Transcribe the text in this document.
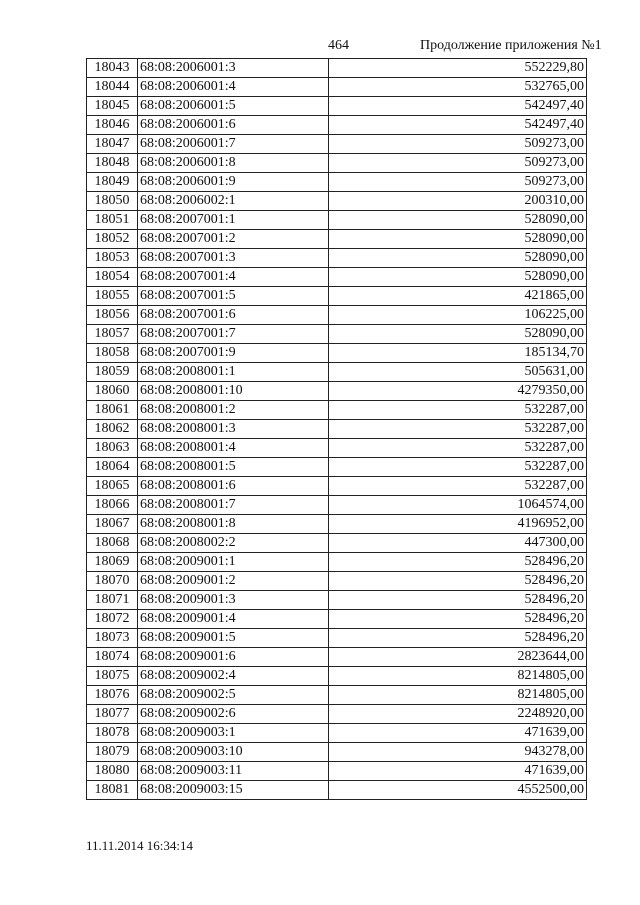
464	Продолжение приложения №1
18043	68:08:2006001:3	552229,80
18044	68:08:2006001:4	532765,00
18045	68:08:2006001:5	542497,40
18046	68:08:2006001:6	542497,40
18047	68:08:2006001:7	509273,00
18048	68:08:2006001:8	509273,00
18049	68:08:2006001:9	509273,00
18050	68:08:2006002:1	200310,00
18051	68:08:2007001:1	528090,00
18052	68:08:2007001:2	528090,00
18053	68:08:2007001:3	528090,00
18054	68:08:2007001:4	528090,00
18055	68:08:2007001:5	421865,00
18056	68:08:2007001:6	106225,00
18057	68:08:2007001:7	528090,00
18058	68:08:2007001:9	185134,70
18059	68:08:2008001:1	505631,00
18060	68:08:2008001:10	4279350,00
18061	68:08:2008001:2	532287,00
18062	68:08:2008001:3	532287,00
18063	68:08:2008001:4	532287,00
18064	68:08:2008001:5	532287,00
18065	68:08:2008001:6	532287,00
18066	68:08:2008001:7	1064574,00
18067	68:08:2008001:8	4196952,00
18068	68:08:2008002:2	447300,00
18069	68:08:2009001:1	528496,20
18070	68:08:2009001:2	528496,20
18071	68:08:2009001:3	528496,20
18072	68:08:2009001:4	528496,20
18073	68:08:2009001:5	528496,20
18074	68:08:2009001:6	2823644,00
18075	68:08:2009002:4	8214805,00
18076	68:08:2009002:5	8214805,00
18077	68:08:2009002:6	2248920,00
18078	68:08:2009003:1	471639,00
18079	68:08:2009003:10	943278,00
18080	68:08:2009003:11	471639,00
18081	68:08:2009003:15	4552500,00
11.11.2014 16:34:14
